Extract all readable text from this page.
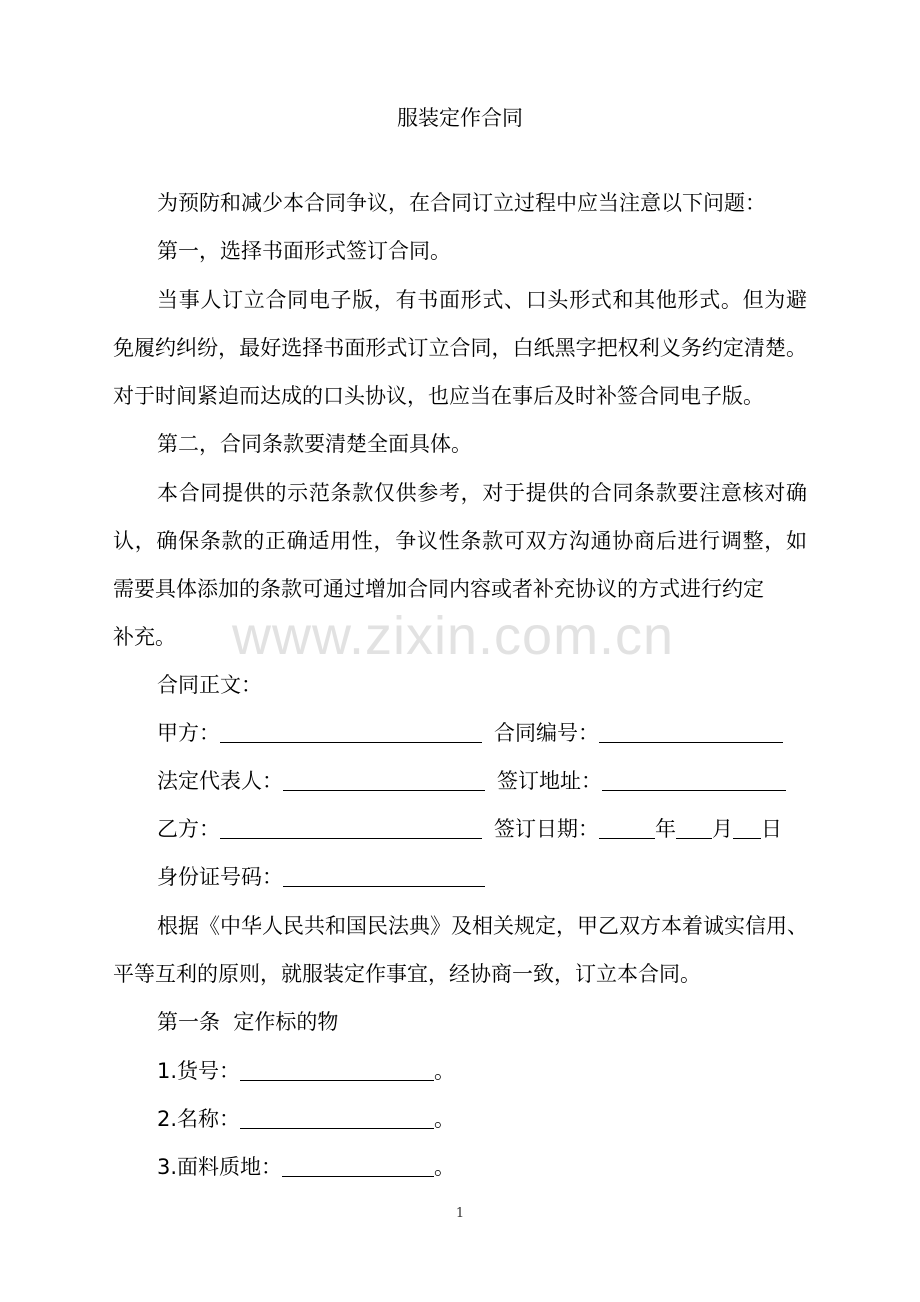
www.zixin.com.cn
服装定作合同
为预防和减少本合同争议，在合同订立过程中应当注意以下问题：
第一，选择书面形式签订合同。
当事人订立合同电子版，有书面形式、口头形式和其他形式。但为避
免履约纠纷，最好选择书面形式订立合同，白纸黑字把权利义务约定清楚。
对于时间紧迫而达成的口头协议，也应当在事后及时补签合同电子版。
第二，合同条款要清楚全面具体。
本合同提供的示范条款仅供参考，对于提供的合同条款要注意核对确
认，确保条款的正确适用性，争议性条款可双方沟通协商后进行调整，如
需要具体添加的条款可通过增加合同内容或者补充协议的方式进行约定
补充。
合同正文：
甲方：	合同编号：
法定代表人：	签订地址：
乙方：	签订日期：	年 月 日
身份证号码：
根据《中华人民共和国民法典》及相关规定，甲乙双方本着诚实信用、
平等互利的原则，就服装定作事宜，经协商一致，订立本合同。
第一条  定作标的物
1.货号：	。
2.名称：	。
3.面料质地：	。
1
